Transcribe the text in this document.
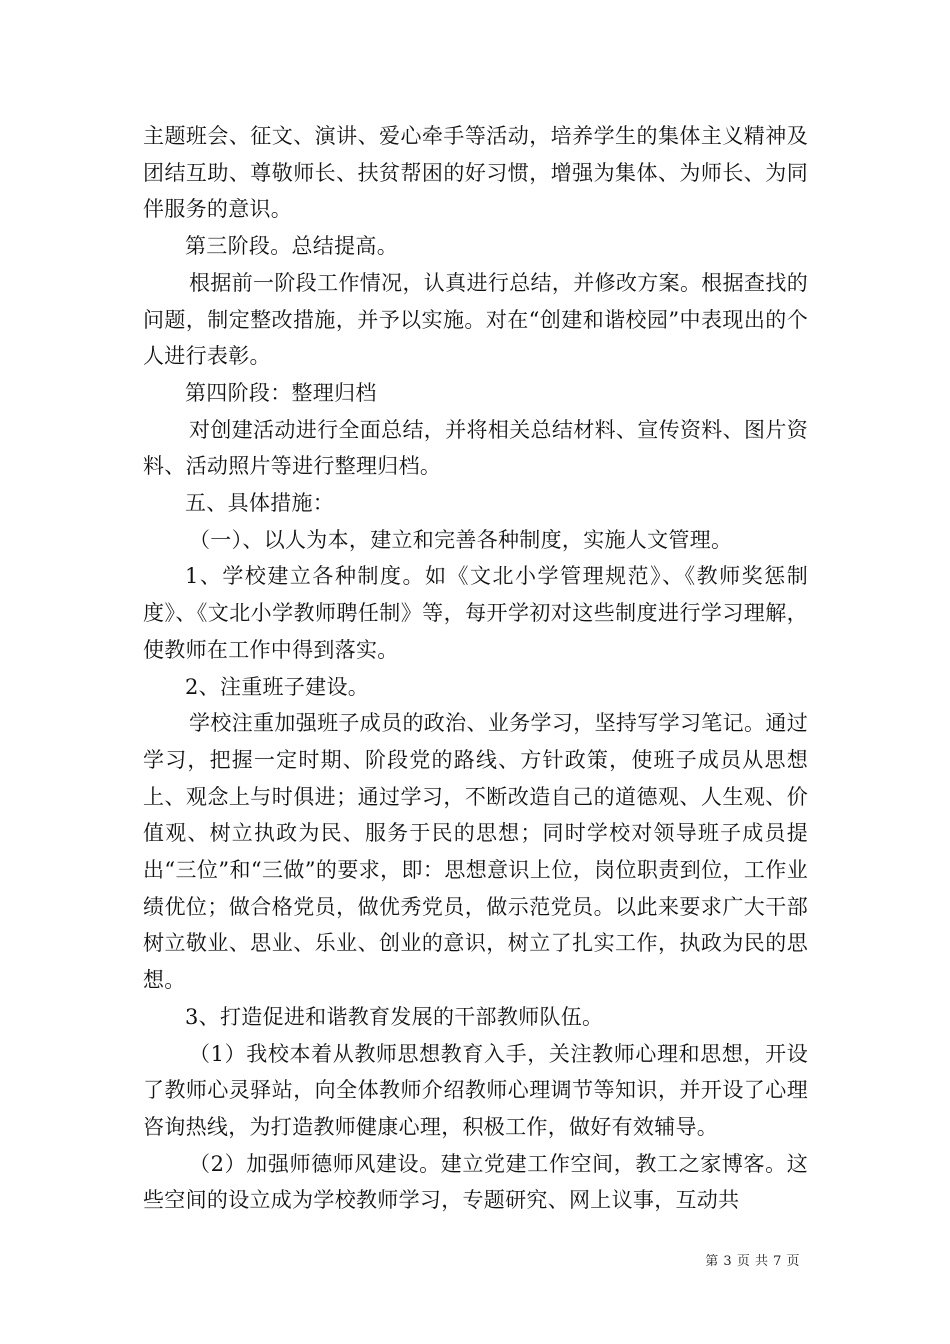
主题班会、征文、演讲、爱心牵手等活动，培养学生的集体主义精神及团结互助、尊敬师长、扶贫帮困的好习惯，增强为集体、为师长、为同伴服务的意识。

第三阶段。总结提高。

根据前一阶段工作情况，认真进行总结，并修改方案。根据查找的问题，制定整改措施，并予以实施。对在“创建和谐校园”中表现出的个人进行表彰。

第四阶段：整理归档

对创建活动进行全面总结，并将相关总结材料、宣传资料、图片资料、活动照片等进行整理归档。

五、具体措施：

（一）、以人为本，建立和完善各种制度，实施人文管理。

1、学校建立各种制度。如《文北小学管理规范》、《教师奖惩制度》、《文北小学教师聘任制》等，每开学初对这些制度进行学习理解，使教师在工作中得到落实。

2、注重班子建设。

学校注重加强班子成员的政治、业务学习，坚持写学习笔记。通过学习，把握一定时期、阶段党的路线、方针政策，使班子成员从思想上、观念上与时俱进；通过学习，不断改造自己的道德观、人生观、价值观、树立执政为民、服务于民的思想；同时学校对领导班子成员提出“三位”和“三做”的要求，即：思想意识上位，岗位职责到位，工作业绩优位；做合格党员，做优秀党员，做示范党员。以此来要求广大干部树立敬业、思业、乐业、创业的意识，树立了扎实工作，执政为民的思想。

3、打造促进和谐教育发展的干部教师队伍。

（1）我校本着从教师思想教育入手，关注教师心理和思想，开设了教师心灵驿站，向全体教师介绍教师心理调节等知识，并开设了心理咨询热线，为打造教师健康心理，积极工作，做好有效辅导。

（2）加强师德师风建设。建立党建工作空间，教工之家博客。这些空间的设立成为学校教师学习，专题研究、网上议事，互动共

第 3 页 共 7 页
